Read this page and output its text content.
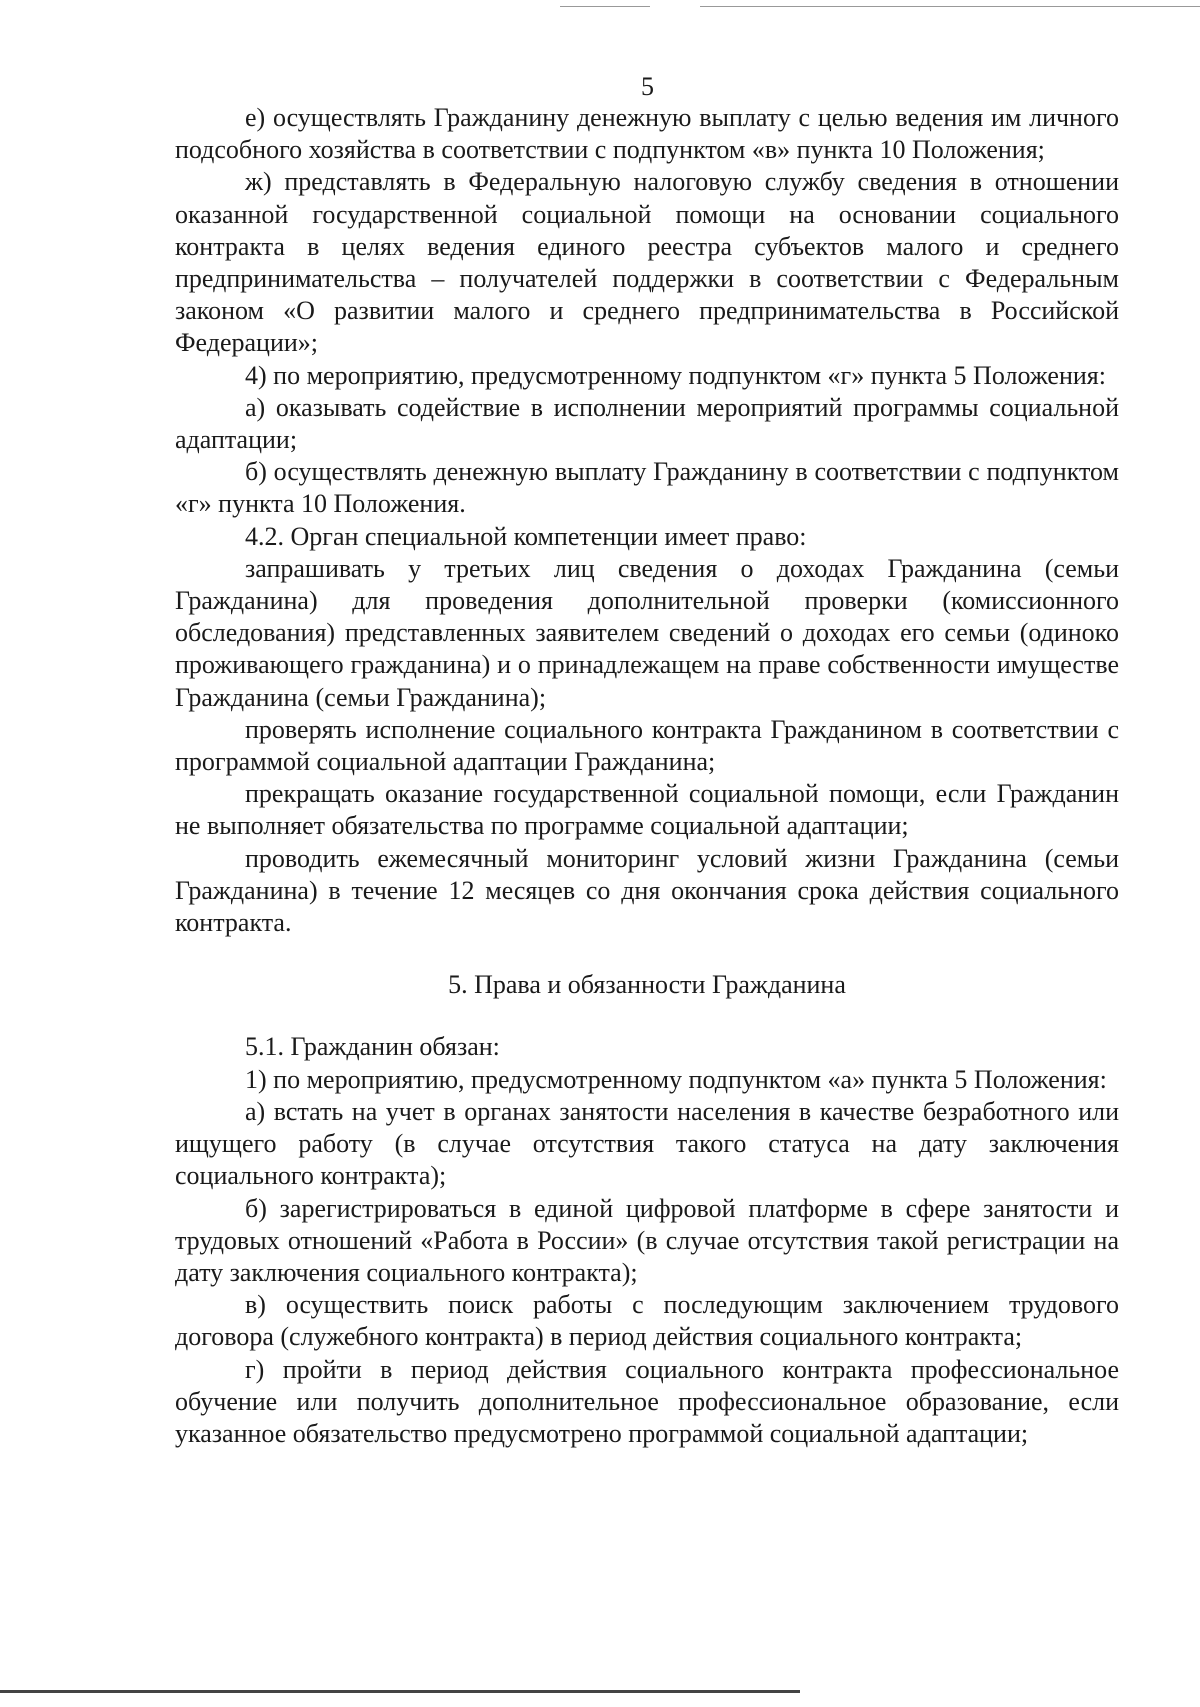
5

е) осуществлять Гражданину денежную выплату с целью ведения им личного подсобного хозяйства в соответствии с подпунктом «в» пункта 10 Положения;

ж) представлять в Федеральную налоговую службу сведения в отношении оказанной государственной социальной помощи на основании социального контракта в целях ведения единого реестра субъектов малого и среднего предпринимательства – получателей поддержки в соответствии с Федеральным законом «О развитии малого и среднего предпринимательства в Российской Федерации»;

4) по мероприятию, предусмотренному подпунктом «г» пункта 5 Положения:

а) оказывать содействие в исполнении мероприятий программы социальной адаптации;

б) осуществлять денежную выплату Гражданину в соответствии с подпунктом «г» пункта 10 Положения.

4.2. Орган специальной компетенции имеет право:

запрашивать у третьих лиц сведения о доходах Гражданина (семьи Гражданина) для проведения дополнительной проверки (комиссионного обследования) представленных заявителем сведений о доходах его семьи (одиноко проживающего гражданина) и о принадлежащем на праве собственности имуществе Гражданина (семьи Гражданина);

проверять исполнение социального контракта Гражданином в соответствии с программой социальной адаптации Гражданина;

прекращать оказание государственной социальной помощи, если Гражданин не выполняет обязательства по программе социальной адаптации;

проводить ежемесячный мониторинг условий жизни Гражданина (семьи Гражданина) в течение 12 месяцев со дня окончания срока действия социального контракта.

5. Права и обязанности Гражданина

5.1. Гражданин обязан:

1) по мероприятию, предусмотренному подпунктом «а» пункта 5 Положения:

а) встать на учет в органах занятости населения в качестве безработного или ищущего работу (в случае отсутствия такого статуса на дату заключения социального контракта);

б) зарегистрироваться в единой цифровой платформе в сфере занятости и трудовых отношений «Работа в России» (в случае отсутствия такой регистрации на дату заключения социального контракта);

в) осуществить поиск работы с последующим заключением трудового договора (служебного контракта) в период действия социального контракта;

г) пройти в период действия социального контракта профессиональное обучение или получить дополнительное профессиональное образование, если указанное обязательство предусмотрено программой социальной адаптации;
